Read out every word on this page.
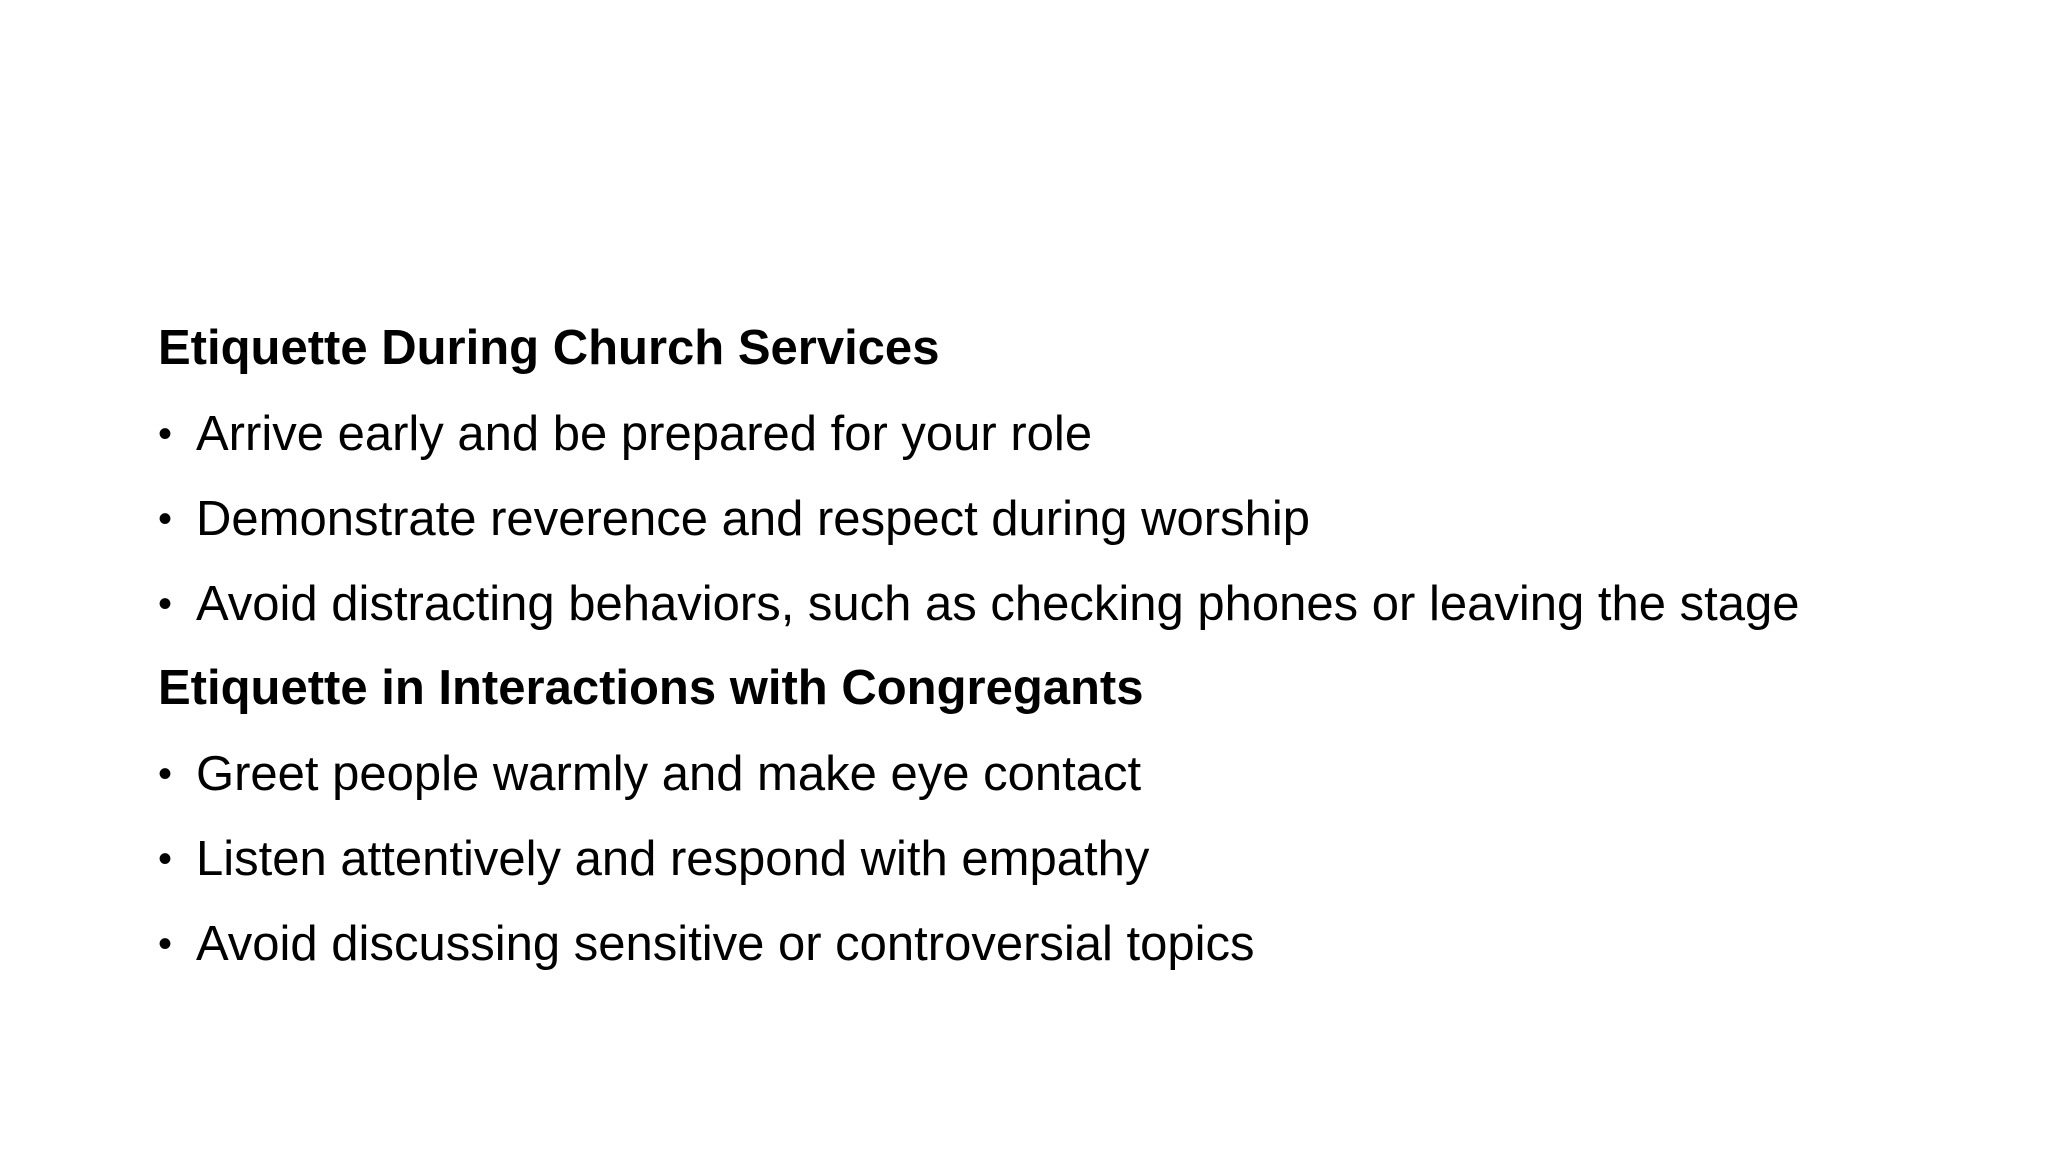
Etiquette During Church Services
• Arrive early and be prepared for your role
• Demonstrate reverence and respect during worship
• Avoid distracting behaviors, such as checking phones or leaving the stage
Etiquette in Interactions with Congregants
• Greet people warmly and make eye contact
• Listen attentively and respond with empathy
• Avoid discussing sensitive or controversial topics
